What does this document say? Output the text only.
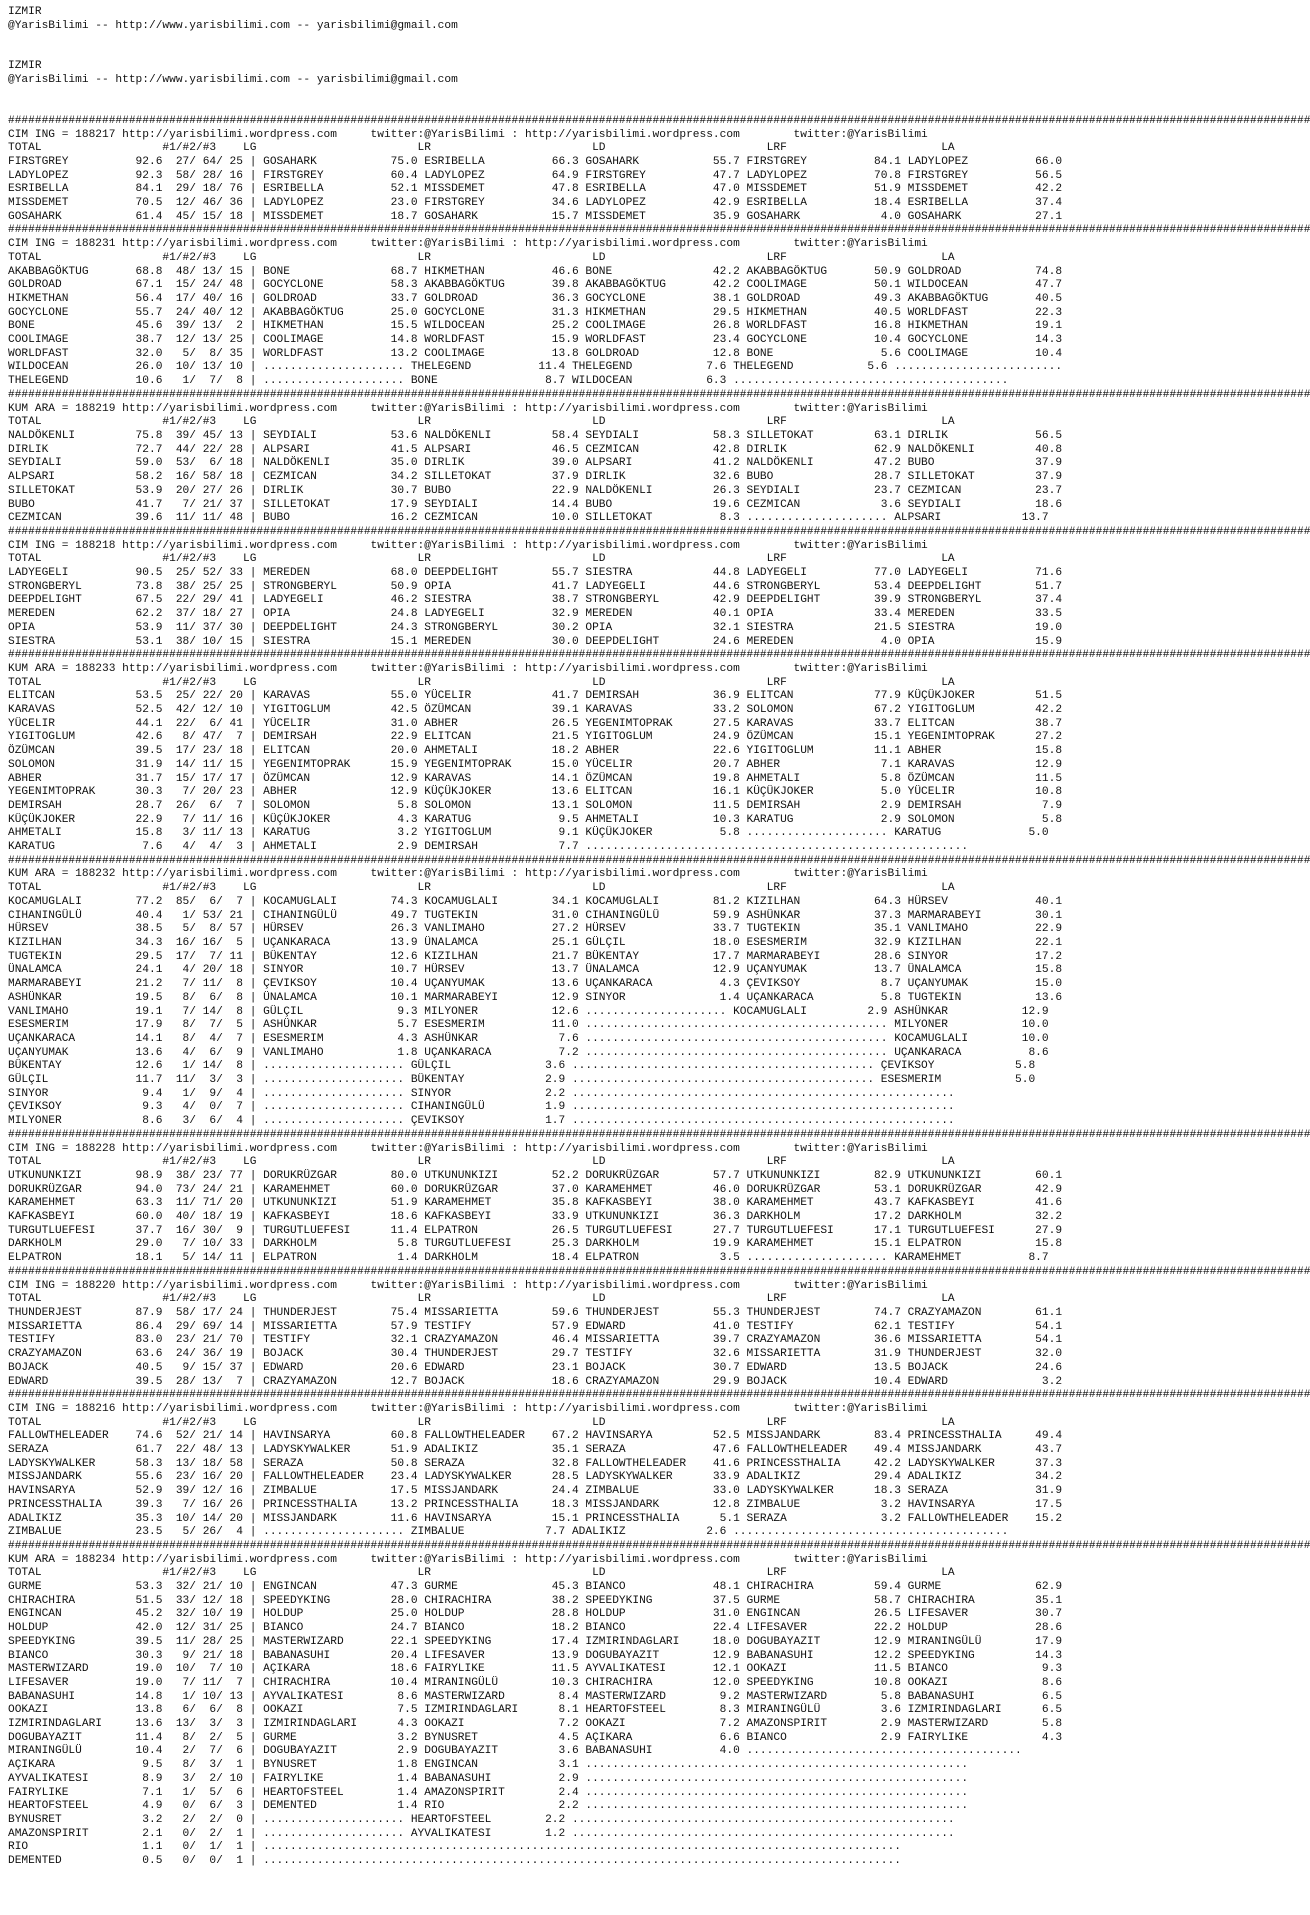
IZMIR
@YarisBilimi -- http://www.yarisbilimi.com -- yarisbilimi@gmail.com
IZMIR
@YarisBilimi -- http://www.yarisbilimi.com -- yarisbilimi@gmail.com
##################################################################################################################################################################################################
CIM ING = 188217 http://yarisbilimi.wordpress.com     twitter:@YarisBilimi : http://yarisbilimi.wordpress.com        twitter:@YarisBilimi
TOTAL                  #1/#2/#3    LG                        LR                        LD                        LRF                       LA
FIRSTGREY          92.6  27/ 64/ 25 | GOSAHARK           75.0 ESRIBELLA          66.3 GOSAHARK           55.7 FIRSTGREY          84.1 LADYLOPEZ          66.0
LADYLOPEZ          92.3  58/ 28/ 16 | FIRSTGREY          60.4 LADYLOPEZ          64.9 FIRSTGREY          47.7 LADYLOPEZ          70.8 FIRSTGREY          56.5
ESRIBELLA          84.1  29/ 18/ 76 | ESRIBELLA          52.1 MISSDEMET          47.8 ESRIBELLA          47.0 MISSDEMET          51.9 MISSDEMET          42.2
MISSDEMET          70.5  12/ 46/ 36 | LADYLOPEZ          23.0 FIRSTGREY          34.6 LADYLOPEZ          42.9 ESRIBELLA          18.4 ESRIBELLA          37.4
GOSAHARK           61.4  45/ 15/ 18 | MISSDEMET          18.7 GOSAHARK           15.7 MISSDEMET          35.9 GOSAHARK            4.0 GOSAHARK           27.1
##################################################################################################################################################################################################
CIM ING = 188231 http://yarisbilimi.wordpress.com     twitter:@YarisBilimi : http://yarisbilimi.wordpress.com        twitter:@YarisBilimi
TOTAL                  #1/#2/#3    LG                        LR                        LD                        LRF                       LA
AKABBAGÖKTUG       68.8  48/ 13/ 15 | BONE               68.7 HIKMETHAN          46.6 BONE               42.2 AKABBAGÖKTUG       50.9 GOLDROAD           74.8
GOLDROAD           67.1  15/ 24/ 48 | GOCYCLONE          58.3 AKABBAGÖKTUG       39.8 AKABBAGÖKTUG       42.2 COOLIMAGE          50.1 WILDOCEAN          47.7
HIKMETHAN          56.4  17/ 40/ 16 | GOLDROAD           33.7 GOLDROAD           36.3 GOCYCLONE          38.1 GOLDROAD           49.3 AKABBAGÖKTUG       40.5
GOCYCLONE          55.7  24/ 40/ 12 | AKABBAGÖKTUG       25.0 GOCYCLONE          31.3 HIKMETHAN          29.5 HIKMETHAN          40.5 WORLDFAST          22.3
BONE               45.6  39/ 13/  2 | HIKMETHAN          15.5 WILDOCEAN          25.2 COOLIMAGE          26.8 WORLDFAST          16.8 HIKMETHAN          19.1
COOLIMAGE          38.7  12/ 13/ 25 | COOLIMAGE          14.8 WORLDFAST          15.9 WORLDFAST          23.4 GOCYCLONE          10.4 GOCYCLONE          14.3
WORLDFAST          32.0   5/  8/ 35 | WORLDFAST          13.2 COOLIMAGE          13.8 GOLDROAD           12.8 BONE                5.6 COOLIMAGE          10.4
WILDOCEAN          26.0  10/ 13/ 10 | ..................... THELEGEND          11.4 THELEGEND           7.6 THELEGEND           5.6 .........................
THELEGEND          10.6   1/  7/  8 | ..................... BONE                8.7 WILDOCEAN           6.3 .........................................
##################################################################################################################################################################################################
KUM ARA = 188219 http://yarisbilimi.wordpress.com     twitter:@YarisBilimi : http://yarisbilimi.wordpress.com        twitter:@YarisBilimi
TOTAL                  #1/#2/#3    LG                        LR                        LD                        LRF                       LA
NALDÖKENLI         75.8  39/ 45/ 13 | SEYDIALI           53.6 NALDÖKENLI         58.4 SEYDIALI           58.3 SILLETOKAT         63.1 DIRLIK             56.5
DIRLIK             72.7  44/ 22/ 28 | ALPSARI            41.5 ALPSARI            46.5 CEZMICAN           42.8 DIRLIK             62.9 NALDÖKENLI         40.8
SEYDIALI           59.0  53/  6/ 18 | NALDÖKENLI         35.0 DIRLIK             39.0 ALPSARI            41.2 NALDÖKENLI         47.2 BUBO               37.9
ALPSARI            58.2  16/ 58/ 18 | CEZMICAN           34.2 SILLETOKAT         37.9 DIRLIK             32.6 BUBO               28.7 SILLETOKAT         37.9
SILLETOKAT         53.9  20/ 27/ 26 | DIRLIK             30.7 BUBO               22.9 NALDÖKENLI         26.3 SEYDIALI           23.7 CEZMICAN           23.7
BUBO               41.7   7/ 21/ 37 | SILLETOKAT         17.9 SEYDIALI           14.4 BUBO               19.6 CEZMICAN            3.6 SEYDIALI           18.6
CEZMICAN           39.6  11/ 11/ 48 | BUBO               16.2 CEZMICAN           10.0 SILLETOKAT          8.3 ..................... ALPSARI            13.7
##################################################################################################################################################################################################
CIM ING = 188218 http://yarisbilimi.wordpress.com     twitter:@YarisBilimi : http://yarisbilimi.wordpress.com        twitter:@YarisBilimi
TOTAL                  #1/#2/#3    LG                        LR                        LD                        LRF                       LA
LADYEGELI          90.5  25/ 52/ 33 | MEREDEN            68.0 DEEPDELIGHT        55.7 SIESTRA            44.8 LADYEGELI          77.0 LADYEGELI          71.6
STRONGBERYL        73.8  38/ 25/ 25 | STRONGBERYL        50.9 OPIA               41.7 LADYEGELI          44.6 STRONGBERYL        53.4 DEEPDELIGHT        51.7
DEEPDELIGHT        67.5  22/ 29/ 41 | LADYEGELI          46.2 SIESTRA            38.7 STRONGBERYL        42.9 DEEPDELIGHT        39.9 STRONGBERYL        37.4
MEREDEN            62.2  37/ 18/ 27 | OPIA               24.8 LADYEGELI          32.9 MEREDEN            40.1 OPIA               33.4 MEREDEN            33.5
OPIA               53.9  11/ 37/ 30 | DEEPDELIGHT        24.3 STRONGBERYL        30.2 OPIA               32.1 SIESTRA            21.5 SIESTRA            19.0
SIESTRA            53.1  38/ 10/ 15 | SIESTRA            15.1 MEREDEN            30.0 DEEPDELIGHT        24.6 MEREDEN             4.0 OPIA               15.9
##################################################################################################################################################################################################
KUM ARA = 188233 http://yarisbilimi.wordpress.com     twitter:@YarisBilimi : http://yarisbilimi.wordpress.com        twitter:@YarisBilimi
TOTAL                  #1/#2/#3    LG                        LR                        LD                        LRF                       LA
ELITCAN            53.5  25/ 22/ 20 | KARAVAS            55.0 YÜCELIR            41.7 DEMIRSAH           36.9 ELITCAN            77.9 KÜÇÜKJOKER         51.5
KARAVAS            52.5  42/ 12/ 10 | YIGITOGLUM         42.5 ÖZÜMCAN            39.1 KARAVAS            33.2 SOLOMON            67.2 YIGITOGLUM         42.2
YÜCELIR            44.1  22/  6/ 41 | YÜCELIR            31.0 ABHER              26.5 YEGENIMTOPRAK      27.5 KARAVAS            33.7 ELITCAN            38.7
YIGITOGLUM         42.6   8/ 47/  7 | DEMIRSAH           22.9 ELITCAN            21.5 YIGITOGLUM         24.9 ÖZÜMCAN            15.1 YEGENIMTOPRAK      27.2
ÖZÜMCAN            39.5  17/ 23/ 18 | ELITCAN            20.0 AHMETALI           18.2 ABHER              22.6 YIGITOGLUM         11.1 ABHER              15.8
SOLOMON            31.9  14/ 11/ 15 | YEGENIMTOPRAK      15.9 YEGENIMTOPRAK      15.0 YÜCELIR            20.7 ABHER               7.1 KARAVAS            12.9
ABHER              31.7  15/ 17/ 17 | ÖZÜMCAN            12.9 KARAVAS            14.1 ÖZÜMCAN            19.8 AHMETALI            5.8 ÖZÜMCAN            11.5
YEGENIMTOPRAK      30.3   7/ 20/ 23 | ABHER              12.9 KÜÇÜKJOKER         13.6 ELITCAN            16.1 KÜÇÜKJOKER          5.0 YÜCELIR            10.8
DEMIRSAH           28.7  26/  6/  7 | SOLOMON             5.8 SOLOMON            13.1 SOLOMON            11.5 DEMIRSAH            2.9 DEMIRSAH            7.9
KÜÇÜKJOKER         22.9   7/ 11/ 16 | KÜÇÜKJOKER          4.3 KARATUG             9.5 AHMETALI           10.3 KARATUG             2.9 SOLOMON             5.8
AHMETALI           15.8   3/ 11/ 13 | KARATUG             3.2 YIGITOGLUM          9.1 KÜÇÜKJOKER          5.8 ..................... KARATUG             5.0
KARATUG             7.6   4/  4/  3 | AHMETALI            2.9 DEMIRSAH            7.7 .........................................................
##################################################################################################################################################################################################
KUM ARA = 188232 http://yarisbilimi.wordpress.com     twitter:@YarisBilimi : http://yarisbilimi.wordpress.com        twitter:@YarisBilimi
TOTAL                  #1/#2/#3    LG                        LR                        LD                        LRF                       LA
KOCAMUGLALI        77.2  85/  6/  7 | KOCAMUGLALI        74.3 KOCAMUGLALI        34.1 KOCAMUGLALI        81.2 KIZILHAN           64.3 HÜRSEV             40.1
CIHANINGÜLÜ        40.4   1/ 53/ 21 | CIHANINGÜLÜ        49.7 TUGTEKIN           31.0 CIHANINGÜLÜ        59.9 ASHÜNKAR           37.3 MARMARABEYI        30.1
HÜRSEV             38.5   5/  8/ 57 | HÜRSEV             26.3 VANLIMAHO          27.2 HÜRSEV             33.7 TUGTEKIN           35.1 VANLIMAHO          22.9
KIZILHAN           34.3  16/ 16/  5 | UÇANKARACA         13.9 ÜNALAMCA           25.1 GÜLÇIL             18.0 ESESMERIM          32.9 KIZILHAN           22.1
TUGTEKIN           29.5  17/  7/ 11 | BÜKENTAY           12.6 KIZILHAN           21.7 BÜKENTAY           17.7 MARMARABEYI        28.6 SINYOR             17.2
ÜNALAMCA           24.1   4/ 20/ 18 | SINYOR             10.7 HÜRSEV             13.7 ÜNALAMCA           12.9 UÇANYUMAK          13.7 ÜNALAMCA           15.8
MARMARABEYI        21.2   7/ 11/  8 | ÇEVIKSOY           10.4 UÇANYUMAK          13.6 UÇANKARACA          4.3 ÇEVIKSOY            8.7 UÇANYUMAK          15.0
ASHÜNKAR           19.5   8/  6/  8 | ÜNALAMCA           10.1 MARMARABEYI        12.9 SINYOR              1.4 UÇANKARACA          5.8 TUGTEKIN           13.6
VANLIMAHO          19.1   7/ 14/  8 | GÜLÇIL              9.3 MILYONER           12.6 ..................... KOCAMUGLALI         2.9 ASHÜNKAR           12.9
ESESMERIM          17.9   8/  7/  5 | ASHÜNKAR            5.7 ESESMERIM          11.0 ............................................. MILYONER           10.0
UÇANKARACA         14.1   8/  4/  7 | ESESMERIM           4.3 ASHÜNKAR            7.6 ............................................. KOCAMUGLALI        10.0
UÇANYUMAK          13.6   4/  6/  9 | VANLIMAHO           1.8 UÇANKARACA          7.2 ............................................. UÇANKARACA          8.6
BÜKENTAY           12.6   1/ 14/  8 | ..................... GÜLÇIL              3.6 ............................................. ÇEVIKSOY            5.8
GÜLÇIL             11.7  11/  3/  3 | ..................... BÜKENTAY            2.9 ............................................. ESESMERIM           5.0
SINYOR              9.4   1/  9/  4 | ..................... SINYOR              2.2 .........................................................
ÇEVIKSOY            9.3   4/  0/  7 | ..................... CIHANINGÜLÜ         1.9 .........................................................
MILYONER            8.6   3/  6/  4 | ..................... ÇEVIKSOY            1.7 .........................................................
##################################################################################################################################################################################################
CIM ING = 188228 http://yarisbilimi.wordpress.com     twitter:@YarisBilimi : http://yarisbilimi.wordpress.com        twitter:@YarisBilimi
TOTAL                  #1/#2/#3    LG                        LR                        LD                        LRF                       LA
UTKUNUNKIZI        98.9  38/ 23/ 77 | DORUKRÜZGAR        80.0 UTKUNUNKIZI        52.2 DORUKRÜZGAR        57.7 UTKUNUNKIZI        82.9 UTKUNUNKIZI        60.1
DORUKRÜZGAR        94.0  73/ 24/ 21 | KARAMEHMET         60.0 DORUKRÜZGAR        37.0 KARAMEHMET         46.0 DORUKRÜZGAR        53.1 DORUKRÜZGAR        42.9
KARAMEHMET         63.3  11/ 71/ 20 | UTKUNUNKIZI        51.9 KARAMEHMET         35.8 KAFKASBEYI         38.0 KARAMEHMET         43.7 KAFKASBEYI         41.6
KAFKASBEYI         60.0  40/ 18/ 19 | KAFKASBEYI         18.6 KAFKASBEYI         33.9 UTKUNUNKIZI        36.3 DARKHOLM           17.2 DARKHOLM           32.2
TURGUTLUEFESI      37.7  16/ 30/  9 | TURGUTLUEFESI      11.4 ELPATRON           26.5 TURGUTLUEFESI      27.7 TURGUTLUEFESI      17.1 TURGUTLUEFESI      27.9
DARKHOLM           29.0   7/ 10/ 33 | DARKHOLM            5.8 TURGUTLUEFESI      25.3 DARKHOLM           19.9 KARAMEHMET         15.1 ELPATRON           15.8
ELPATRON           18.1   5/ 14/ 11 | ELPATRON            1.4 DARKHOLM           18.4 ELPATRON            3.5 ..................... KARAMEHMET          8.7
##################################################################################################################################################################################################
CIM ING = 188220 http://yarisbilimi.wordpress.com     twitter:@YarisBilimi : http://yarisbilimi.wordpress.com        twitter:@YarisBilimi
TOTAL                  #1/#2/#3    LG                        LR                        LD                        LRF                       LA
THUNDERJEST        87.9  58/ 17/ 24 | THUNDERJEST        75.4 MISSARIETTA        59.6 THUNDERJEST        55.3 THUNDERJEST        74.7 CRAZYAMAZON        61.1
MISSARIETTA        86.4  29/ 69/ 14 | MISSARIETTA        57.9 TESTIFY            57.9 EDWARD             41.0 TESTIFY            62.1 TESTIFY            54.1
TESTIFY            83.0  23/ 21/ 70 | TESTIFY            32.1 CRAZYAMAZON        46.4 MISSARIETTA        39.7 CRAZYAMAZON        36.6 MISSARIETTA        54.1
CRAZYAMAZON        63.6  24/ 36/ 19 | BOJACK             30.4 THUNDERJEST        29.7 TESTIFY            32.6 MISSARIETTA        31.9 THUNDERJEST        32.0
BOJACK             40.5   9/ 15/ 37 | EDWARD             20.6 EDWARD             23.1 BOJACK             30.7 EDWARD             13.5 BOJACK             24.6
EDWARD             39.5  28/ 13/  7 | CRAZYAMAZON        12.7 BOJACK             18.6 CRAZYAMAZON        29.9 BOJACK             10.4 EDWARD              3.2
##################################################################################################################################################################################################
CIM ING = 188216 http://yarisbilimi.wordpress.com     twitter:@YarisBilimi : http://yarisbilimi.wordpress.com        twitter:@YarisBilimi
TOTAL                  #1/#2/#3    LG                        LR                        LD                        LRF                       LA
FALLOWTHELEADER    74.6  52/ 21/ 14 | HAVINSARYA         60.8 FALLOWTHELEADER    67.2 HAVINSARYA         52.5 MISSJANDARK        83.4 PRINCESSTHALIA     49.4
SERAZA             61.7  22/ 48/ 13 | LADYSKYWALKER      51.9 ADALIKIZ           35.1 SERAZA             47.6 FALLOWTHELEADER    49.4 MISSJANDARK        43.7
LADYSKYWALKER      58.3  13/ 18/ 58 | SERAZA             50.8 SERAZA             32.8 FALLOWTHELEADER    41.6 PRINCESSTHALIA     42.2 LADYSKYWALKER      37.3
MISSJANDARK        55.6  23/ 16/ 20 | FALLOWTHELEADER    23.4 LADYSKYWALKER      28.5 LADYSKYWALKER      33.9 ADALIKIZ           29.4 ADALIKIZ           34.2
HAVINSARYA         52.9  39/ 12/ 16 | ZIMBALUE           17.5 MISSJANDARK        24.4 ZIMBALUE           33.0 LADYSKYWALKER      18.3 SERAZA             31.9
PRINCESSTHALIA     39.3   7/ 16/ 26 | PRINCESSTHALIA     13.2 PRINCESSTHALIA     18.3 MISSJANDARK        12.8 ZIMBALUE            3.2 HAVINSARYA         17.5
ADALIKIZ           35.3  10/ 14/ 20 | MISSJANDARK        11.6 HAVINSARYA         15.1 PRINCESSTHALIA      5.1 SERAZA              3.2 FALLOWTHELEADER    15.2
ZIMBALUE           23.5   5/ 26/  4 | ..................... ZIMBALUE            7.7 ADALIKIZ            2.6 .........................................
##################################################################################################################################################################################################
KUM ARA = 188234 http://yarisbilimi.wordpress.com     twitter:@YarisBilimi : http://yarisbilimi.wordpress.com        twitter:@YarisBilimi
TOTAL                  #1/#2/#3    LG                        LR                        LD                        LRF                       LA
GURME              53.3  32/ 21/ 10 | ENGINCAN           47.3 GURME              45.3 BIANCO             48.1 CHIRACHIRA         59.4 GURME              62.9
CHIRACHIRA         51.5  33/ 12/ 18 | SPEEDYKING         28.0 CHIRACHIRA         38.2 SPEEDYKING         37.5 GURME              58.7 CHIRACHIRA         35.1
ENGINCAN           45.2  32/ 10/ 19 | HOLDUP             25.0 HOLDUP             28.8 HOLDUP             31.0 ENGINCAN           26.5 LIFESAVER          30.7
HOLDUP             42.0  12/ 31/ 25 | BIANCO             24.7 BIANCO             18.2 BIANCO             22.4 LIFESAVER          22.2 HOLDUP             28.6
SPEEDYKING         39.5  11/ 28/ 25 | MASTERWIZARD       22.1 SPEEDYKING         17.4 IZMIRINDAGLARI     18.0 DOGUBAYAZIT        12.9 MIRANINGÜLÜ        17.9
BIANCO             30.3   9/ 21/ 18 | BABANASUHI         20.4 LIFESAVER          13.9 DOGUBAYAZIT        12.9 BABANASUHI         12.2 SPEEDYKING         14.3
MASTERWIZARD       19.0  10/  7/ 10 | AÇIKARA            18.6 FAIRYLIKE          11.5 AYVALIKATESI       12.1 OOKAZI             11.5 BIANCO              9.3
LIFESAVER          19.0   7/ 11/  7 | CHIRACHIRA         10.4 MIRANINGÜLÜ        10.3 CHIRACHIRA         12.0 SPEEDYKING         10.8 OOKAZI              8.6
BABANASUHI         14.8   1/ 10/ 13 | AYVALIKATESI        8.6 MASTERWIZARD        8.4 MASTERWIZARD        9.2 MASTERWIZARD        5.8 BABANASUHI          6.5
OOKAZI             13.8   6/  6/  8 | OOKAZI              7.5 IZMIRINDAGLARI      8.1 HEARTOFSTEEL        8.3 MIRANINGÜLÜ         3.6 IZMIRINDAGLARI      6.5
IZMIRINDAGLARI     13.6  13/  3/  3 | IZMIRINDAGLARI      4.3 OOKAZI              7.2 OOKAZI              7.2 AMAZONSPIRIT        2.9 MASTERWIZARD        5.8
DOGUBAYAZIT        11.4   8/  2/  5 | GURME               3.2 BYNUSRET            4.5 AÇIKARA             6.6 BIANCO              2.9 FAIRYLIKE           4.3
MIRANINGÜLÜ        10.4   2/  7/  6 | DOGUBAYAZIT         2.9 DOGUBAYAZIT         3.6 BABANASUHI          4.0 .........................................
AÇIKARA             9.5   8/  3/  1 | BYNUSRET            1.8 ENGINCAN            3.1 .........................................................
AYVALIKATESI        8.9   3/  2/ 10 | FAIRYLIKE           1.4 BABANASUHI          2.9 .........................................................
FAIRYLIKE           7.1   1/  5/  6 | HEARTOFSTEEL        1.4 AMAZONSPIRIT        2.4 .........................................................
HEARTOFSTEEL        4.9   0/  6/  3 | DEMENTED            1.4 RIO                 2.2 .........................................................
BYNUSRET            3.2   2/  2/  0 | ..................... HEARTOFSTEEL        2.2 .........................................................
AMAZONSPIRIT        2.1   0/  2/  1 | ..................... AYVALIKATESI        1.2 .........................................................
RIO                 1.1   0/  1/  1 | ...............................................................................................
DEMENTED            0.5   0/  0/  1 | ...............................................................................................
